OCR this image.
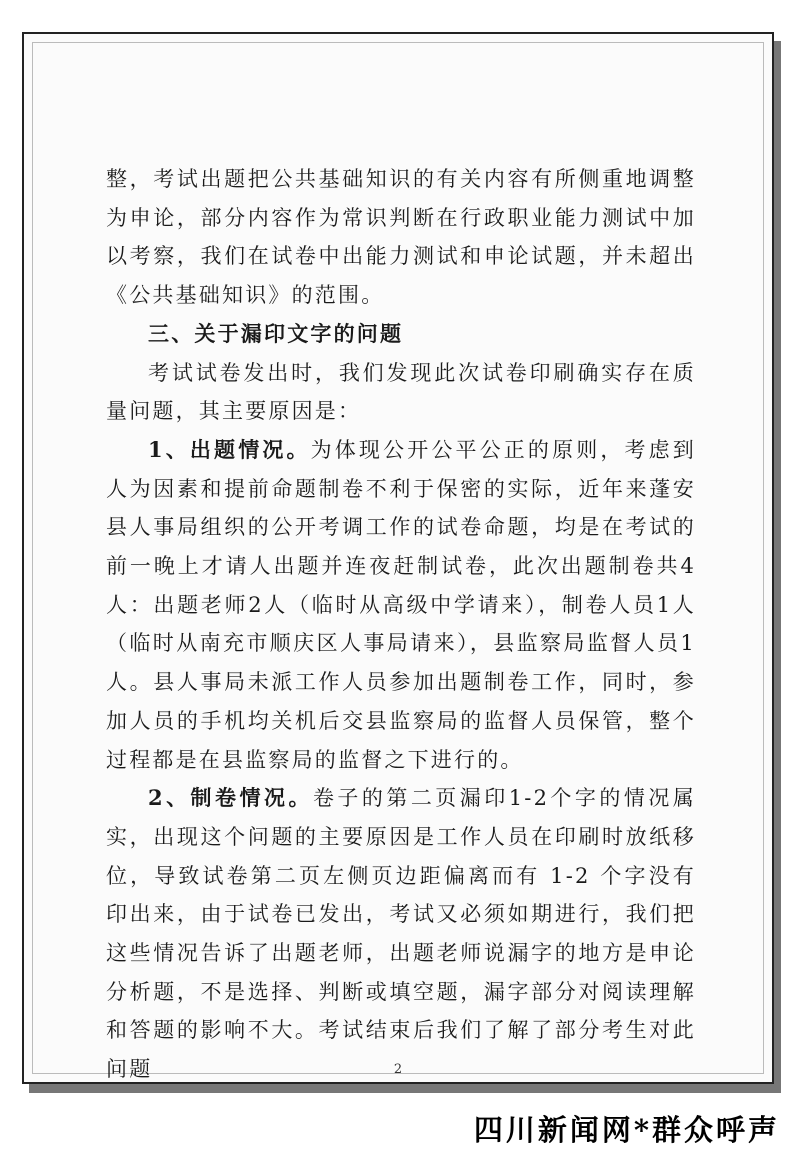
整，考试出题把公共基础知识的有关内容有所侧重地调整为申论，部分内容作为常识判断在行政职业能力测试中加以考察，我们在试卷中出能力测试和申论试题，并未超出《公共基础知识》的范围。

三、关于漏印文字的问题

考试试卷发出时，我们发现此次试卷印刷确实存在质量问题，其主要原因是：

1、出题情况。为体现公开公平公正的原则，考虑到人为因素和提前命题制卷不利于保密的实际，近年来蓬安县人事局组织的公开考调工作的试卷命题，均是在考试的前一晚上才请人出题并连夜赶制试卷，此次出题制卷共4人：出题老师2人（临时从高级中学请来），制卷人员1人（临时从南充市顺庆区人事局请来），县监察局监督人员1人。县人事局未派工作人员参加出题制卷工作，同时，参加人员的手机均关机后交县监察局的监督人员保管，整个过程都是在县监察局的监督之下进行的。

2、制卷情况。卷子的第二页漏印1-2个字的情况属实，出现这个问题的主要原因是工作人员在印刷时放纸移位，导致试卷第二页左侧页边距偏离而有 1-2 个字没有印出来，由于试卷已发出，考试又必须如期进行，我们把这些情况告诉了出题老师，出题老师说漏字的地方是申论分析题，不是选择、判断或填空题，漏字部分对阅读理解和答题的影响不大。考试结束后我们了解了部分考生对此问题	2
四川新闻网*群众呼声
